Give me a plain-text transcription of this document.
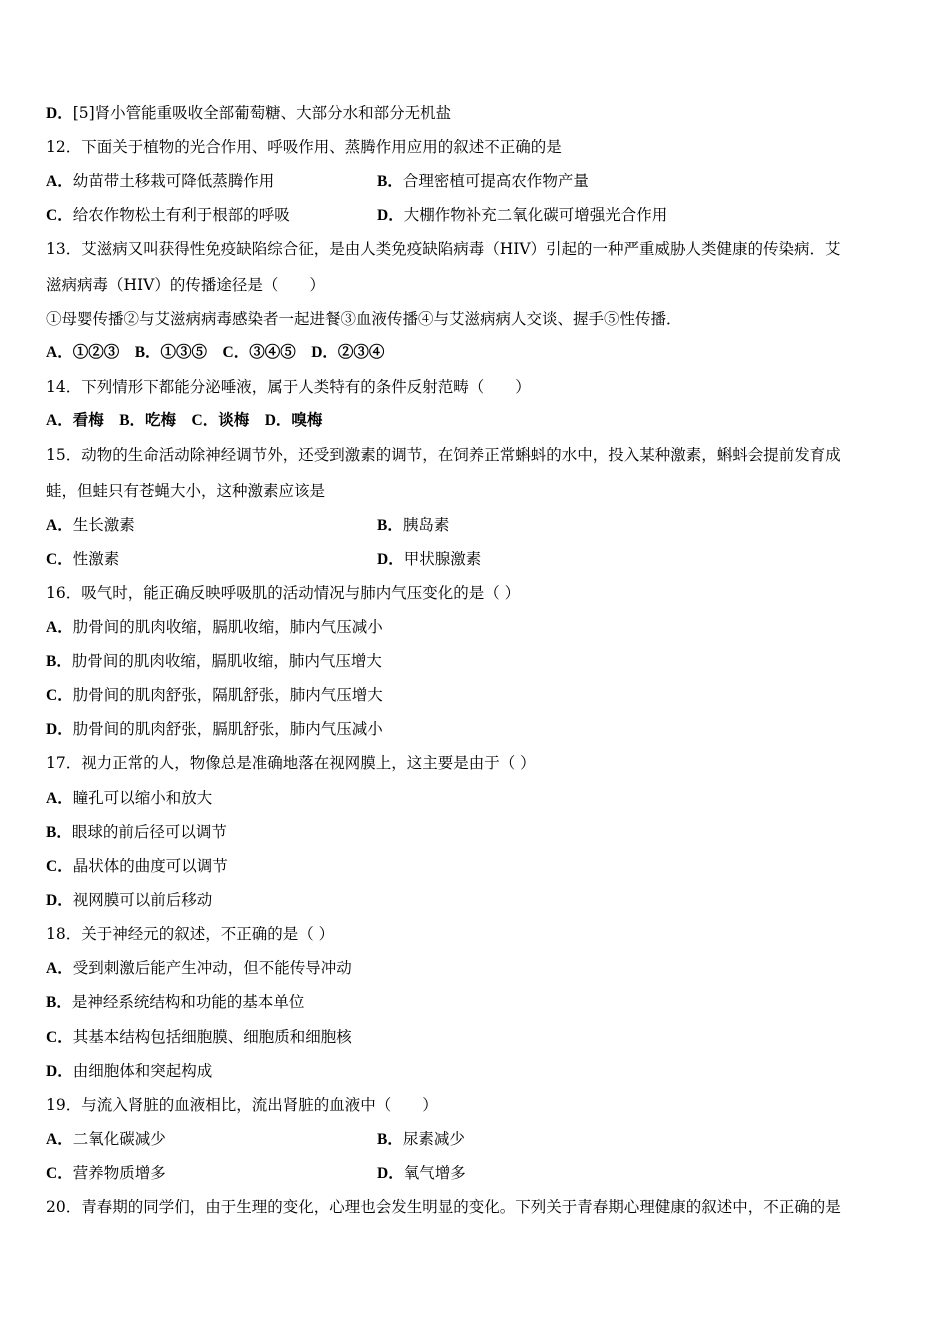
D．[5]肾小管能重吸收全部葡萄糖、大部分水和部分无机盐
12．下面关于植物的光合作用、呼吸作用、蒸腾作用应用的叙述不正确的是
A．幼苗带土移栽可降低蒸腾作用	B．合理密植可提高农作物产量
C．给农作物松土有利于根部的呼吸	D．大棚作物补充二氧化碳可增强光合作用
13．艾滋病又叫获得性免疫缺陷综合征，是由人类免疫缺陷病毒（HIV）引起的一种严重威胁人类健康的传染病．艾
滋病病毒（HIV）的传播途径是（　　）
①母婴传播②与艾滋病病毒感染者一起进餐③血液传播④与艾滋病病人交谈、握手⑤性传播．
A．①②③　B．①③⑤　C．③④⑤　D．②③④
14．下列情形下都能分泌唾液，属于人类特有的条件反射范畴（　　）
A．看梅　B．吃梅　C．谈梅　D．嗅梅
15．动物的生命活动除神经调节外，还受到激素的调节，在饲养正常蝌蚪的水中，投入某种激素，蝌蚪会提前发育成
蛙，但蛙只有苍蝇大小，这种激素应该是
A．生长激素	B．胰岛素
C．性激素	D．甲状腺激素
16．吸气时，能正确反映呼吸肌的活动情况与肺内气压变化的是（ ）
A．肋骨间的肌肉收缩，膈肌收缩，肺内气压减小
B．肋骨间的肌肉收缩，膈肌收缩，肺内气压增大
C．肋骨间的肌肉舒张，隔肌舒张，肺内气压增大
D．肋骨间的肌肉舒张，膈肌舒张，肺内气压减小
17．视力正常的人，物像总是准确地落在视网膜上，这主要是由于（ ）
A．瞳孔可以缩小和放大
B．眼球的前后径可以调节
C．晶状体的曲度可以调节
D．视网膜可以前后移动
18．关于神经元的叙述，不正确的是（ ）
A．受到刺激后能产生冲动，但不能传导冲动
B．是神经系统结构和功能的基本单位
C．其基本结构包括细胞膜、细胞质和细胞核
D．由细胞体和突起构成
19．与流入肾脏的血液相比，流出肾脏的血液中（　　）
A．二氧化碳减少	B．尿素减少
C．营养物质增多	D．氧气增多
20．青春期的同学们，由于生理的变化，心理也会发生明显的变化。下列关于青春期心理健康的叙述中，不正确的是
